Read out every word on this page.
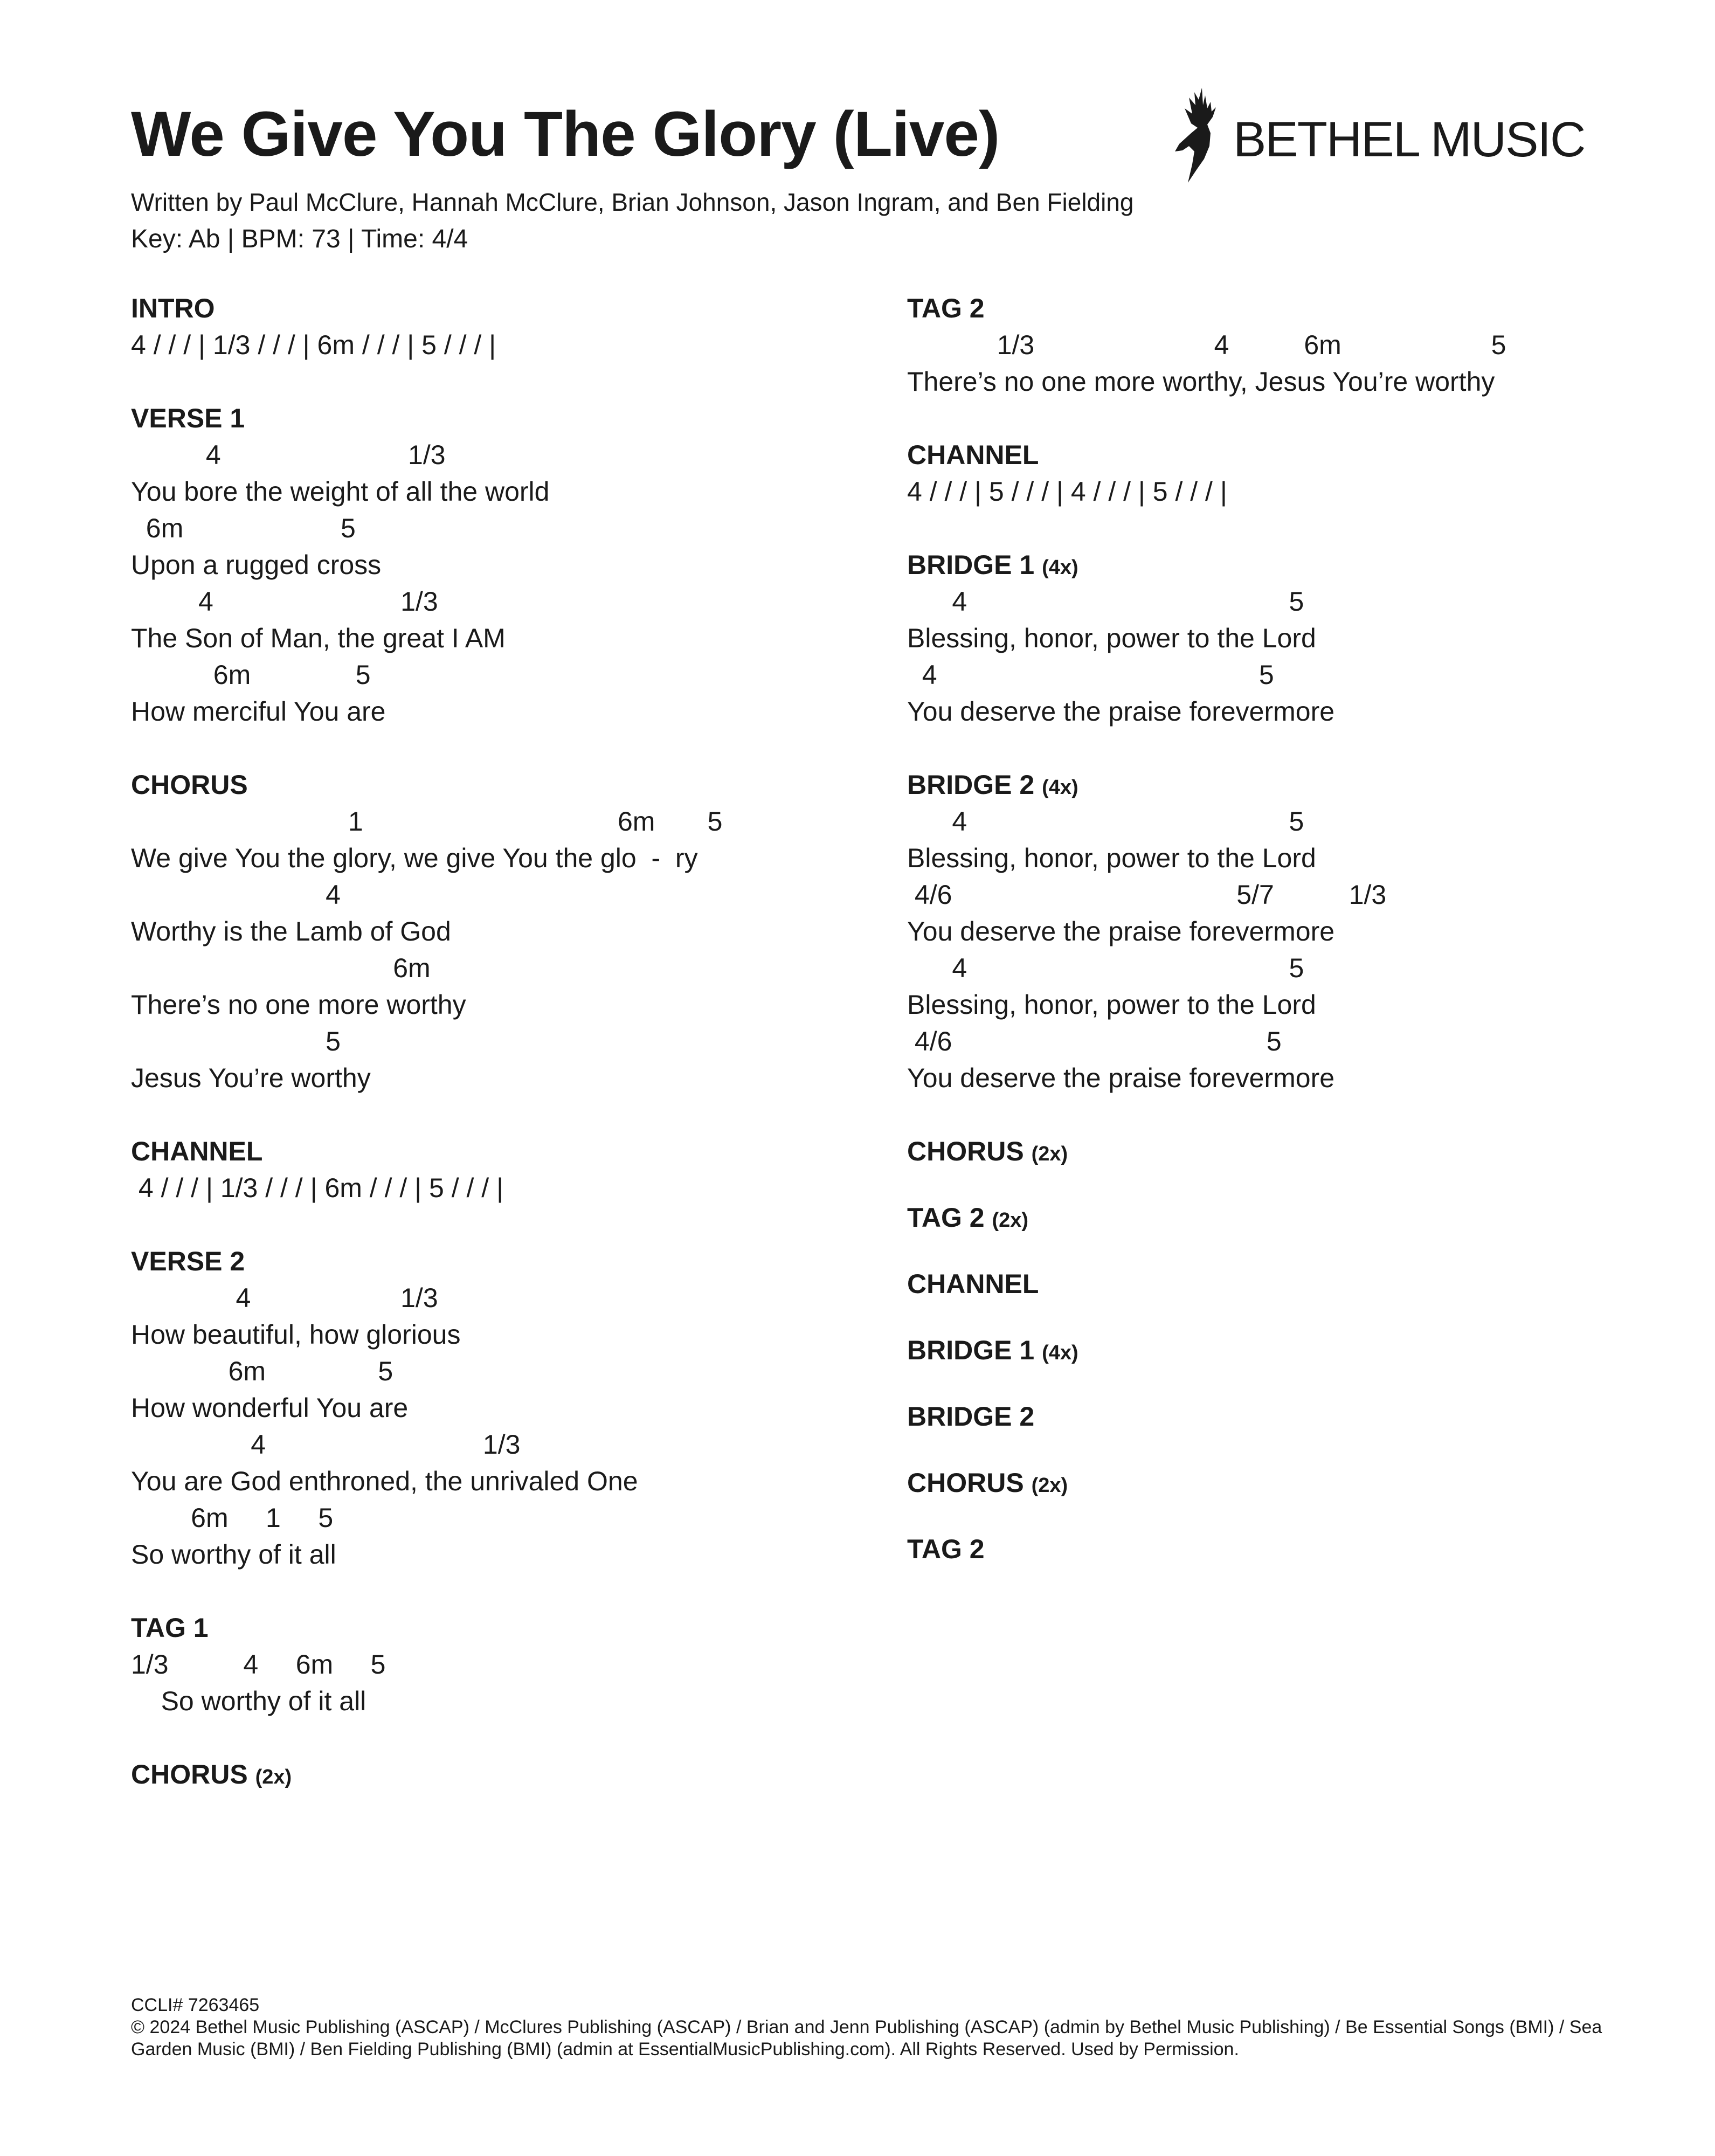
We Give You The Glory (Live)	BETHEL MUSIC
Written by Paul McClure, Hannah McClure, Brian Johnson, Jason Ingram, and Ben Fielding
Key: Ab | BPM: 73 | Time: 4/4
INTRO
4 / / / | 1/3 / / / | 6m / / / | 5 / / / |
VERSE 1
4                         1/3
You bore the weight of all the world
6m                     5
Upon a rugged cross
4                         1/3
The Son of Man, the great I AM
6m              5
How merciful You are
CHORUS
1                                  6m       5
We give You the glory, we give You the glo  -  ry
4
Worthy is the Lamb of God
6m
There’s no one more worthy
5
Jesus You’re worthy
CHANNEL
4 / / / | 1/3 / / / | 6m / / / | 5 / / / |
VERSE 2
4                    1/3
How beautiful, how glorious
6m               5
How wonderful You are
4                             1/3
You are God enthroned, the unrivaled One
6m     1     5
So worthy of it all
TAG 1
1/3          4     6m     5
So worthy of it all
CHORUS (2x)
TAG 2
1/3                        4          6m                    5
There’s no one more worthy, Jesus You’re worthy
CHANNEL
4 / / / | 5 / / / | 4 / / / | 5 / / / |
BRIDGE 1 (4x)
4                                           5
Blessing, honor, power to the Lord
4                                           5
You deserve the praise forevermore
BRIDGE 2 (4x)
4                                           5
Blessing, honor, power to the Lord
4/6                                      5/7          1/3
You deserve the praise forevermore
4                                           5
Blessing, honor, power to the Lord
4/6                                          5
You deserve the praise forevermore
CHORUS (2x)
TAG 2 (2x)
CHANNEL
BRIDGE 1 (4x)
BRIDGE 2
CHORUS (2x)
TAG 2
CCLI# 7263465
© 2024 Bethel Music Publishing (ASCAP) / McClures Publishing (ASCAP) / Brian and Jenn Publishing (ASCAP) (admin by Bethel Music Publishing) / Be Essential Songs (BMI) / Sea Garden Music (BMI) / Ben Fielding Publishing (BMI) (admin at EssentialMusicPublishing.com). All Rights Reserved. Used by Permission.
